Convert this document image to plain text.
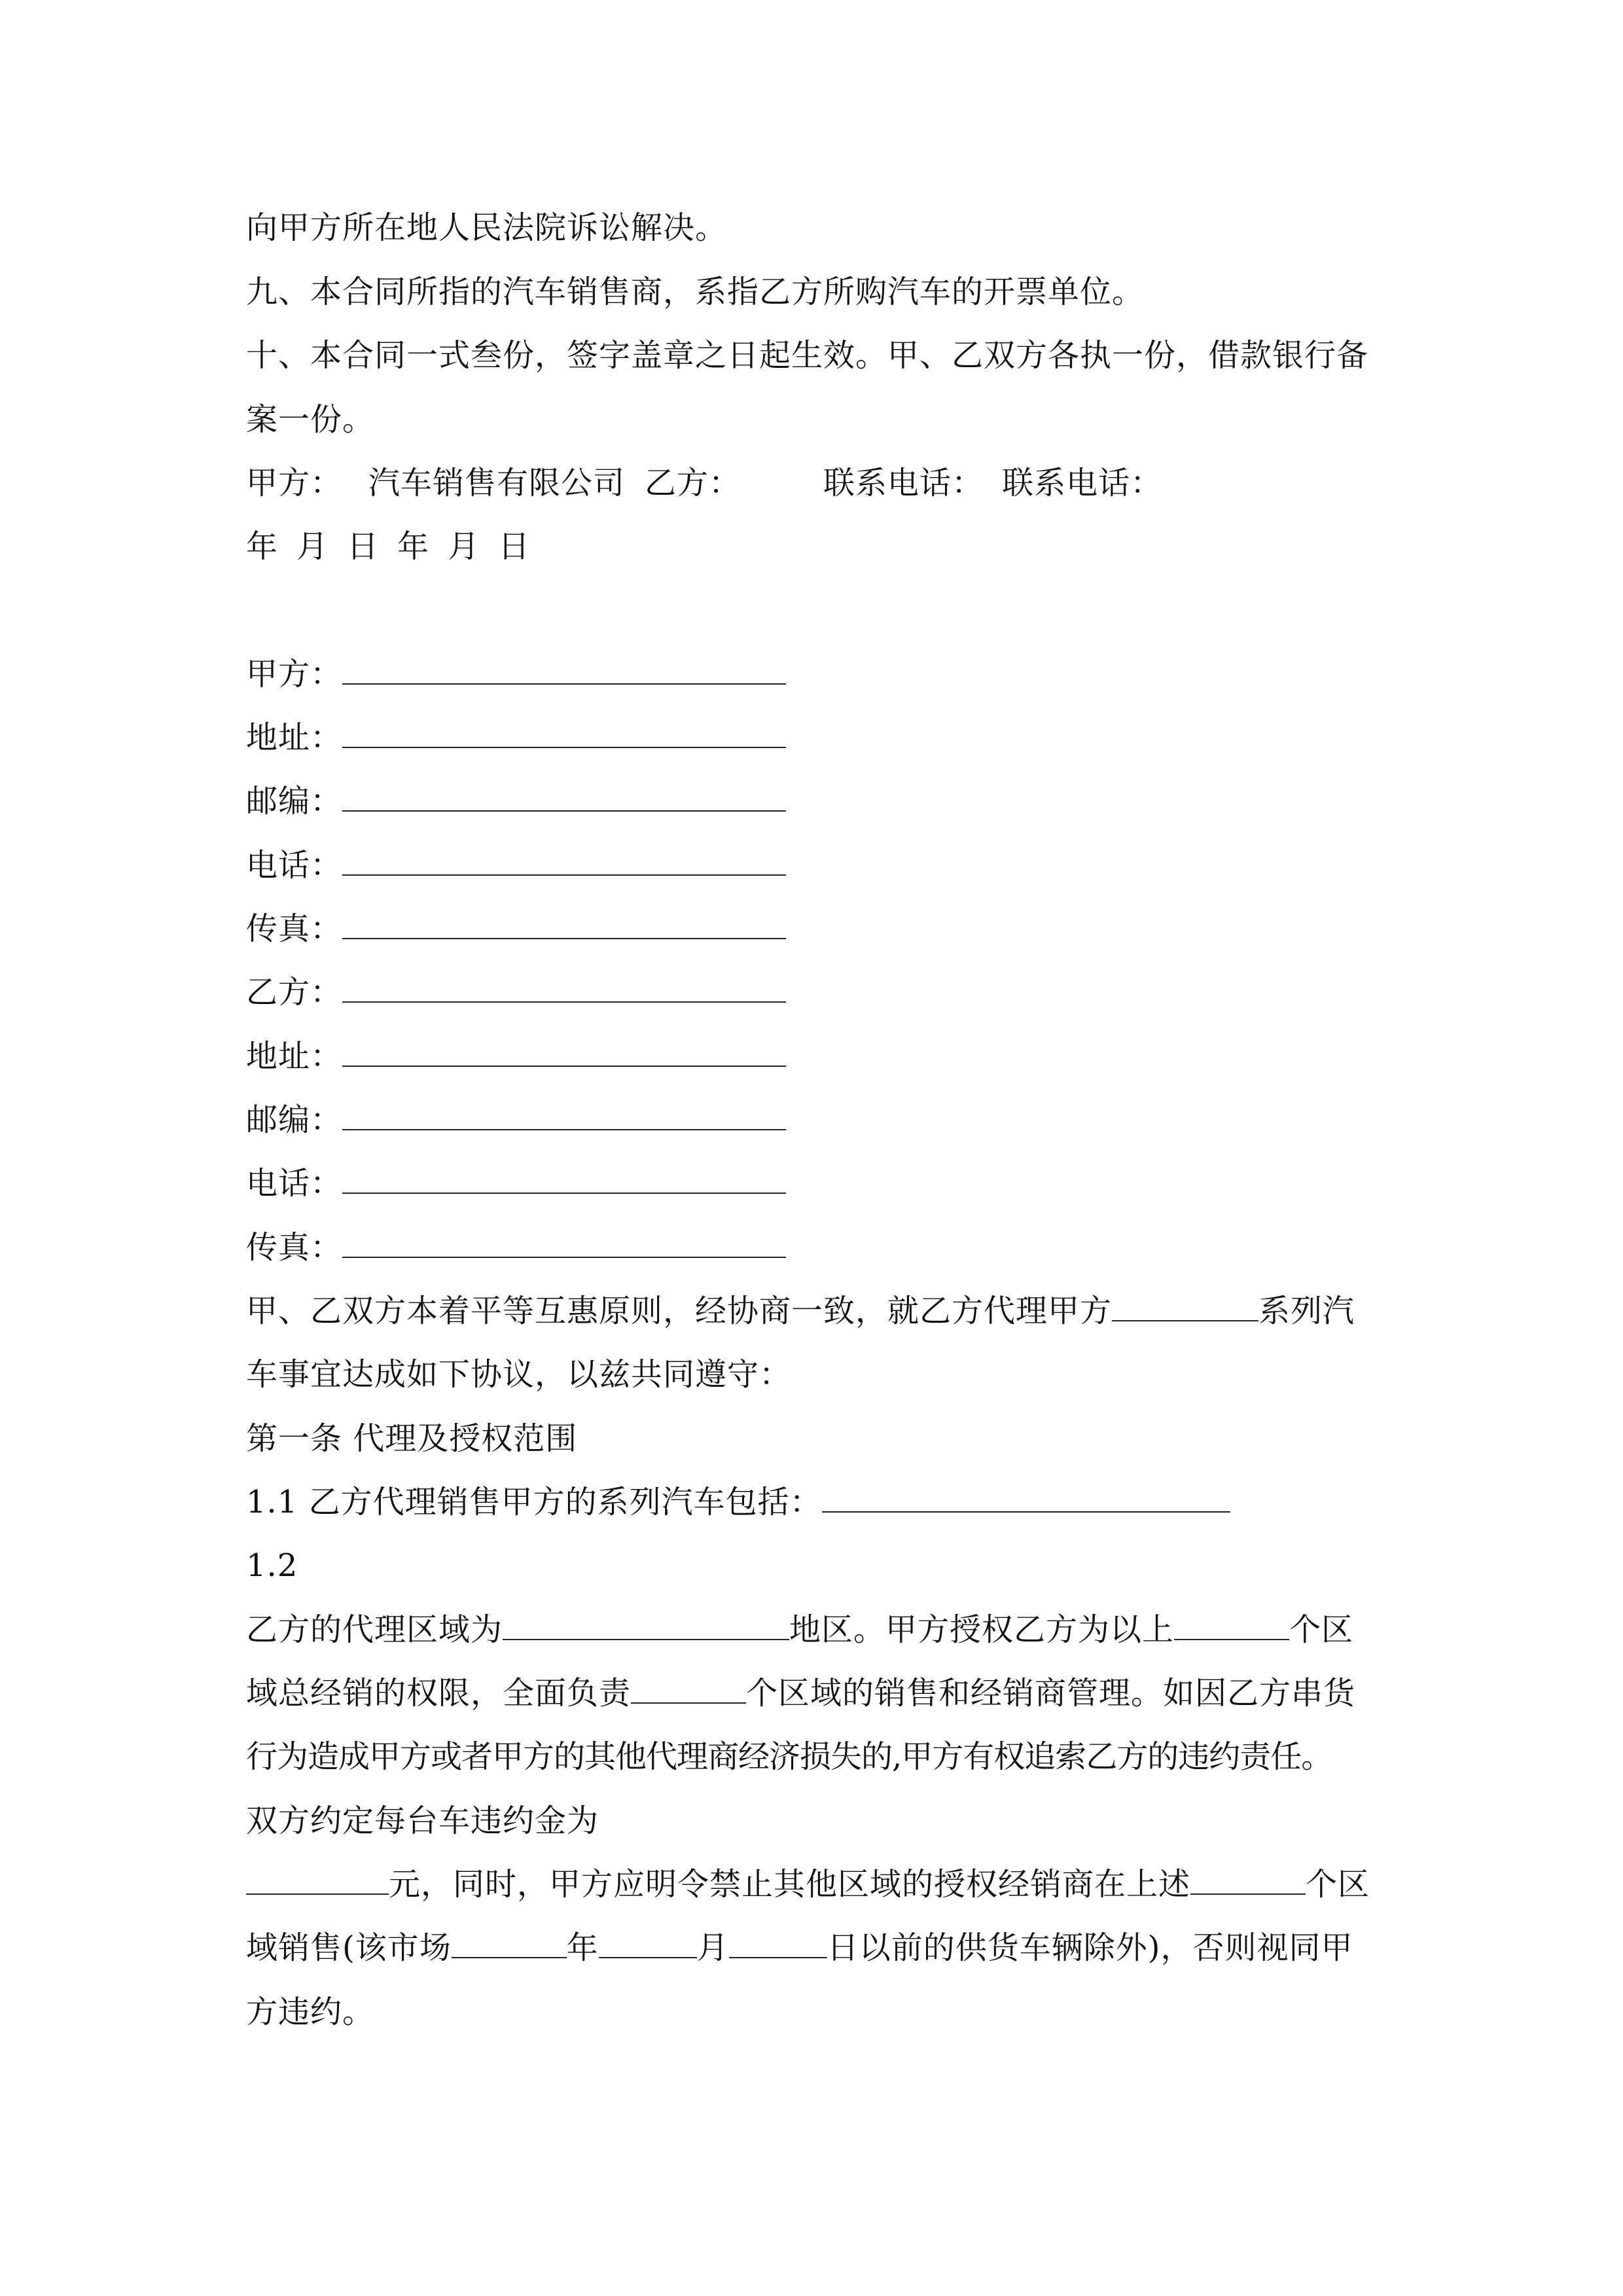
向甲方所在地人民法院诉讼解决。
九、本合同所指的汽车销售商，系指乙方所购汽车的开票单位。
十、本合同一式叁份，签字盖章之日起生效。甲、乙双方各执一份，借款银行备
案一份。
甲方： 汽车销售有限公司 乙方：	联系电话： 联系电话：
年 月 日 年 月 日
甲方：
地址：
邮编：
电话：
传真：
乙方：
地址：
邮编：
电话：
传真：
甲、乙双方本着平等互惠原则，经协商一致，就乙方代理甲方	系列汽
车事宜达成如下协议，以兹共同遵守：
第一条 代理及授权范围
1.1 乙方代理销售甲方的系列汽车包括：
1.2
乙方的代理区域为	地区。甲方授权乙方为以上	个区
域总经销的权限，全面负责	个区域的销售和经销商管理。如因乙方串货
行为造成甲方或者甲方的其他代理商经济损失的,甲方有权追索乙方的违约责任。
双方约定每台车违约金为
元，同时，甲方应明令禁止其他区域的授权经销商在上述	个区
域销售(该市场	年	月	日以前的供货车辆除外)，否则视同甲
方违约。
